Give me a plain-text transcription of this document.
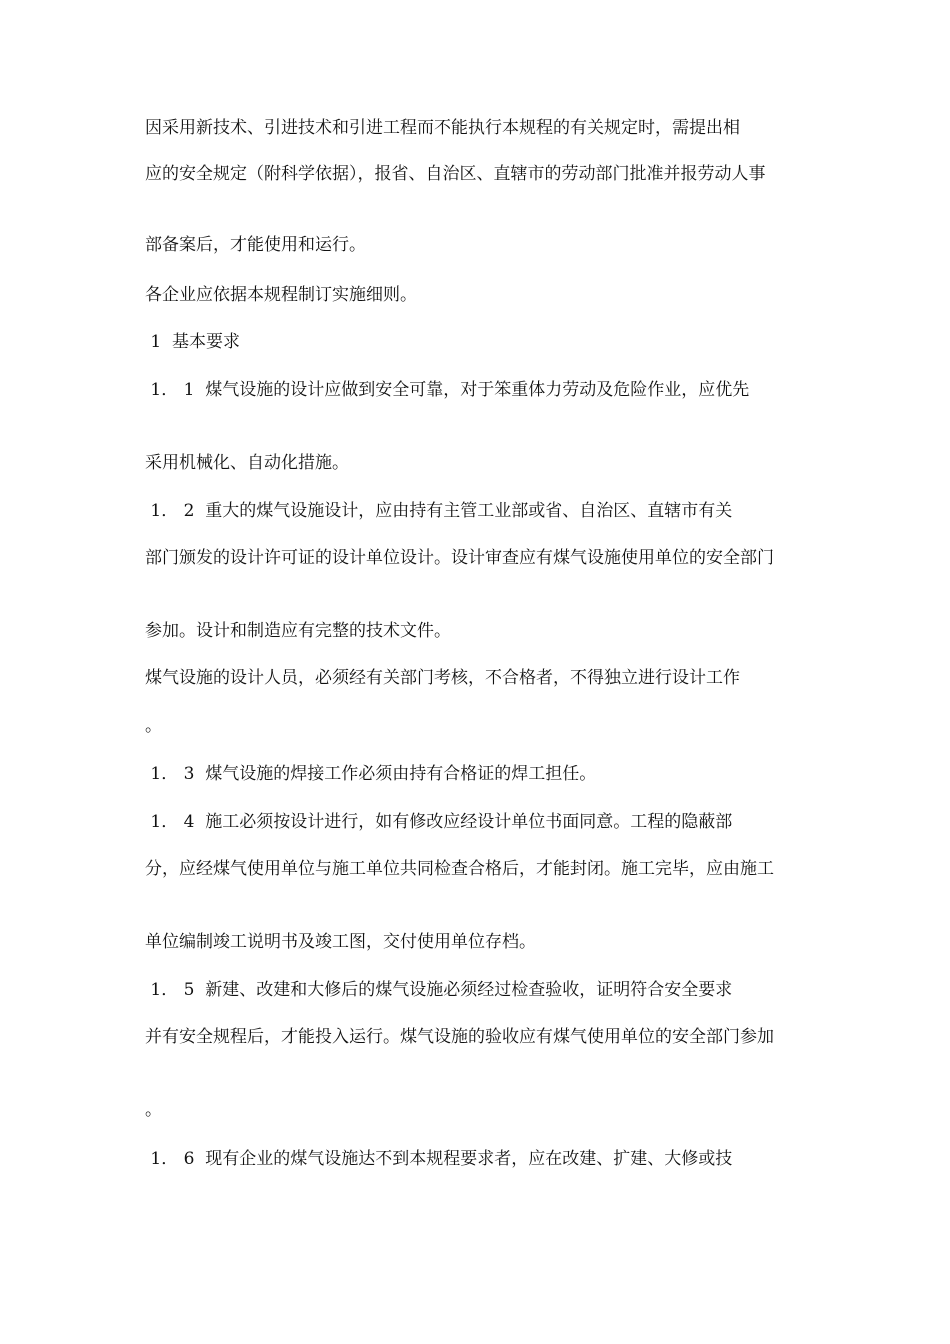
因采用新技术、引进技术和引进工程而不能执行本规程的有关规定时，需提出相

应的安全规定（附科学依据），报省、自治区、直辖市的劳动部门批准并报劳动人事

部备案后，才能使用和运行。

各企业应依据本规程制订实施细则。

1  基本要求

1． 1  煤气设施的设计应做到安全可靠，对于笨重体力劳动及危险作业，应优先

采用机械化、自动化措施。

1． 2  重大的煤气设施设计，应由持有主管工业部或省、自治区、直辖市有关

部门颁发的设计许可证的设计单位设计。设计审查应有煤气设施使用单位的安全部门

参加。设计和制造应有完整的技术文件。

煤气设施的设计人员，必须经有关部门考核，不合格者，不得独立进行设计工作

。

1． 3  煤气设施的焊接工作必须由持有合格证的焊工担任。

1． 4  施工必须按设计进行，如有修改应经设计单位书面同意。工程的隐蔽部

分，应经煤气使用单位与施工单位共同检查合格后，才能封闭。施工完毕，应由施工

单位编制竣工说明书及竣工图，交付使用单位存档。

1． 5  新建、改建和大修后的煤气设施必须经过检查验收，证明符合安全要求

并有安全规程后，才能投入运行。煤气设施的验收应有煤气使用单位的安全部门参加

。

1． 6  现有企业的煤气设施达不到本规程要求者，应在改建、扩建、大修或技
